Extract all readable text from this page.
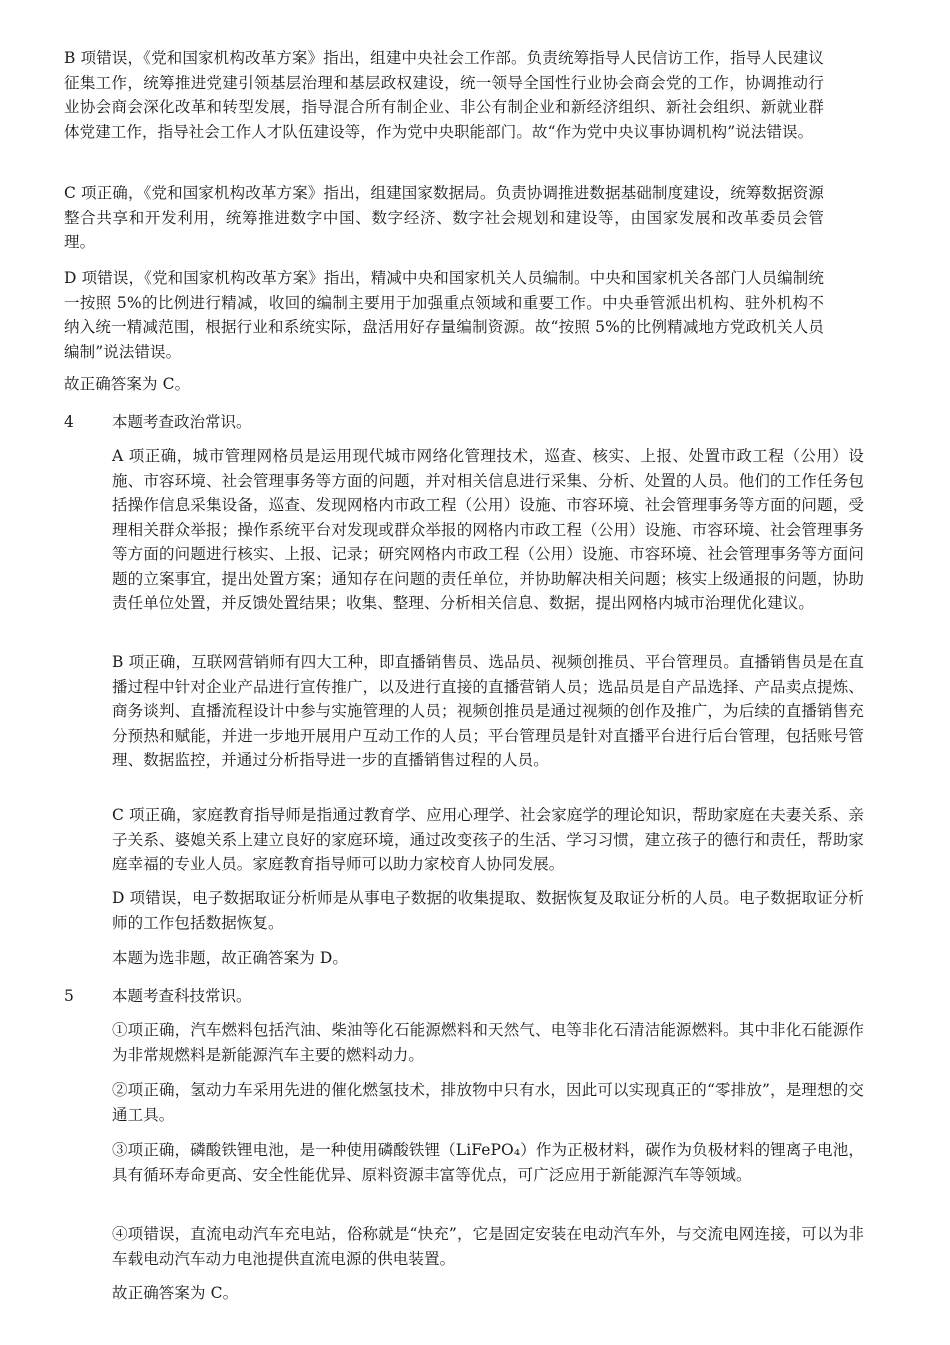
B 项错误，《党和国家机构改革方案》指出，组建中央社会工作部。负责统筹指导人民信访工作，指导人民建议征集工作，统筹推进党建引领基层治理和基层政权建设，统一领导全国性行业协会商会党的工作，协调推动行业协会商会深化改革和转型发展，指导混合所有制企业、非公有制企业和新经济组织、新社会组织、新就业群体党建工作，指导社会工作人才队伍建设等，作为党中央职能部门。故“作为党中央议事协调机构”说法错误。

C 项正确，《党和国家机构改革方案》指出，组建国家数据局。负责协调推进数据基础制度建设，统筹数据资源整合共享和开发利用，统筹推进数字中国、数字经济、数字社会规划和建设等，由国家发展和改革委员会管理。

D 项错误，《党和国家机构改革方案》指出，精减中央和国家机关人员编制。中央和国家机关各部门人员编制统一按照 5%的比例进行精减，收回的编制主要用于加强重点领域和重要工作。中央垂管派出机构、驻外机构不纳入统一精减范围，根据行业和系统实际，盘活用好存量编制资源。故“按照 5%的比例精减地方党政机关人员编制”说法错误。

故正确答案为 C。

4 本题考查政治常识。

A 项正确，城市管理网格员是运用现代城市网络化管理技术，巡查、核实、上报、处置市政工程（公用）设施、市容环境、社会管理事务等方面的问题，并对相关信息进行采集、分析、处置的人员。他们的工作任务包括操作信息采集设备，巡查、发现网格内市政工程（公用）设施、市容环境、社会管理事务等方面的问题，受理相关群众举报；操作系统平台对发现或群众举报的网格内市政工程（公用）设施、市容环境、社会管理事务等方面的问题进行核实、上报、记录；研究网格内市政工程（公用）设施、市容环境、社会管理事务等方面问题的立案事宜，提出处置方案；通知存在问题的责任单位，并协助解决相关问题；核实上级通报的问题，协助责任单位处置，并反馈处置结果；收集、整理、分析相关信息、数据，提出网格内城市治理优化建议。

B 项正确，互联网营销师有四大工种，即直播销售员、选品员、视频创推员、平台管理员。直播销售员是在直播过程中针对企业产品进行宣传推广，以及进行直接的直播营销人员；选品员是自产品选择、产品卖点提炼、商务谈判、直播流程设计中参与实施管理的人员；视频创推员是通过视频的创作及推广，为后续的直播销售充分预热和赋能，并进一步地开展用户互动工作的人员；平台管理员是针对直播平台进行后台管理，包括账号管理、数据监控，并通过分析指导进一步的直播销售过程的人员。

C 项正确，家庭教育指导师是指通过教育学、应用心理学、社会家庭学的理论知识，帮助家庭在夫妻关系、亲子关系、婆媳关系上建立良好的家庭环境，通过改变孩子的生活、学习习惯，建立孩子的德行和责任，帮助家庭幸福的专业人员。家庭教育指导师可以助力家校育人协同发展。

D 项错误，电子数据取证分析师是从事电子数据的收集提取、数据恢复及取证分析的人员。电子数据取证分析师的工作包括数据恢复。

本题为选非题，故正确答案为 D。

5 本题考查科技常识。

①项正确，汽车燃料包括汽油、柴油等化石能源燃料和天然气、电等非化石清洁能源燃料。其中非化石能源作为非常规燃料是新能源汽车主要的燃料动力。

②项正确，氢动力车采用先进的催化燃氢技术，排放物中只有水，因此可以实现真正的“零排放”，是理想的交通工具。

③项正确，磷酸铁锂电池，是一种使用磷酸铁锂（LiFePO₄）作为正极材料，碳作为负极材料的锂离子电池，具有循环寿命更高、安全性能优异、原料资源丰富等优点，可广泛应用于新能源汽车等领域。

④项错误，直流电动汽车充电站，俗称就是“快充”，它是固定安装在电动汽车外，与交流电网连接，可以为非车载电动汽车动力电池提供直流电源的供电装置。

故正确答案为 C。
